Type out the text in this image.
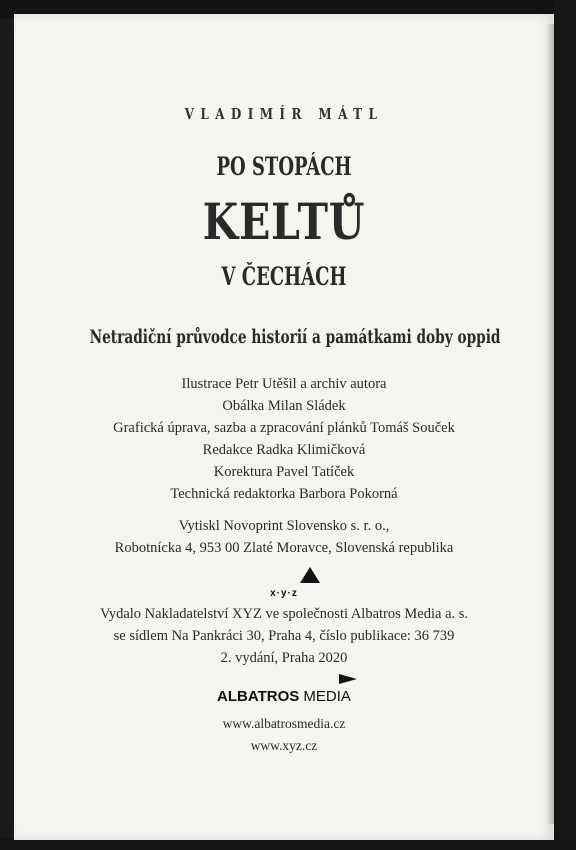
VLADIMÍR MÁTL

PO STOPÁCH

KELTŮ

V ČECHÁCH

Netradiční průvodce historií a památkami doby oppid

Ilustrace Petr Utěšil a archiv autora

Obálka Milan Sládek

Grafická úprava, sazba a zpracování plánků Tomáš Souček

Redakce Radka Klimičková

Korektura Pavel Tatíček

Technická redaktorka Barbora Pokorná

Vytiskl Novoprint Slovensko s. r. o.,

Robotnícka 4, 953 00 Zlaté Moravce, Slovenská republika

x·y·z

Vydalo Nakladatelství XYZ ve společnosti Albatros Media a. s.

se sídlem Na Pankráci 30, Praha 4, číslo publikace: 36 739

2. vydání, Praha 2020

ALBATROS MEDIA

www.albatrosmedia.cz

www.xyz.cz
